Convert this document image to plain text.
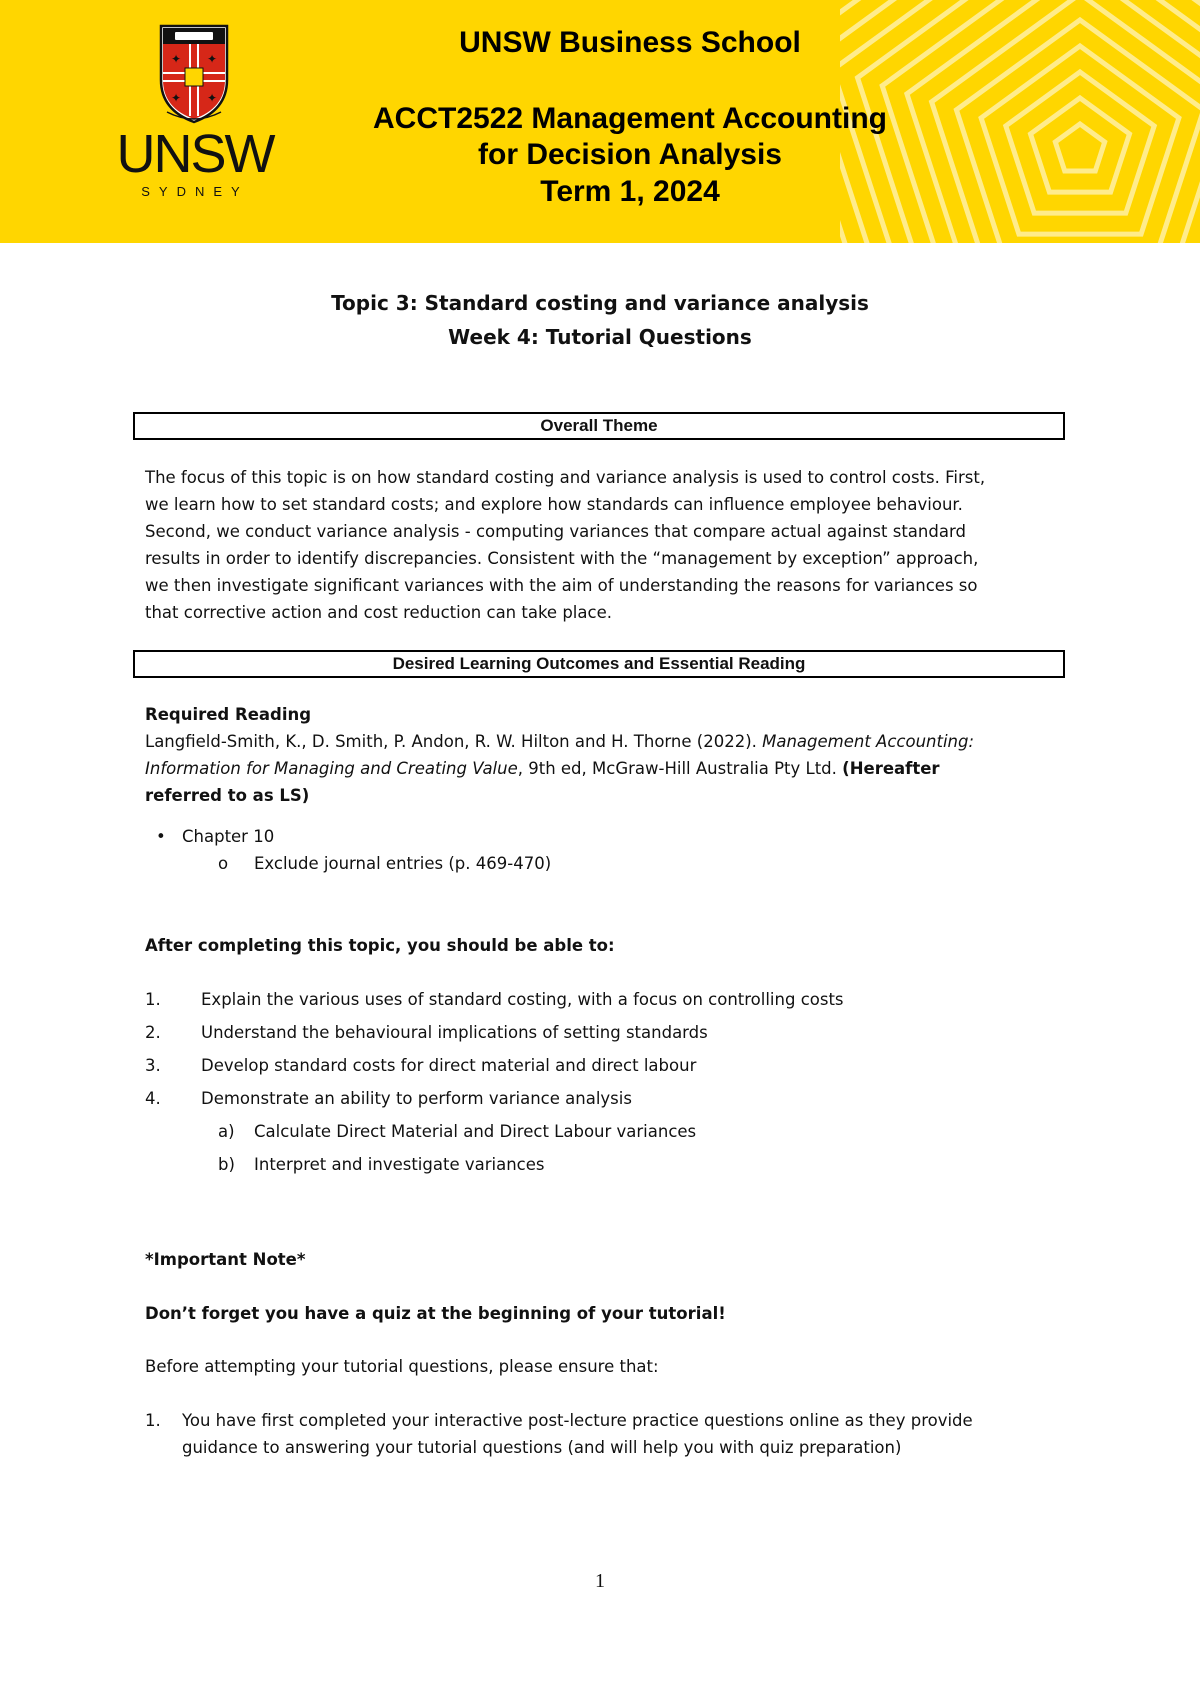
✦ ✦
✦ ✦
UNSW
SYDNEY
UNSW Business School
ACCT2522 Management Accounting
for Decision Analysis
Term 1, 2024
Topic 3: Standard costing and variance analysis
Week 4: Tutorial Questions
Overall Theme
The focus of this topic is on how standard costing and variance analysis is used to control costs. First,
we learn how to set standard costs; and explore how standards can influence employee behaviour.
Second, we conduct variance analysis - computing variances that compare actual against standard
results in order to identify discrepancies. Consistent with the “management by exception” approach,
we then investigate significant variances with the aim of understanding the reasons for variances so
that corrective action and cost reduction can take place.
Desired Learning Outcomes and Essential Reading
Required Reading
Langfield-Smith, K., D. Smith, P. Andon, R. W. Hilton and H. Thorne (2022). Management Accounting:
Information for Managing and Creating Value, 9th ed, McGraw-Hill Australia Pty Ltd. (Hereafter
referred to as LS)
• Chapter 10
o Exclude journal entries (p. 469-470)
After completing this topic, you should be able to:
1.	Explain the various uses of standard costing, with a focus on controlling costs
2.	Understand the behavioural implications of setting standards
3.	Develop standard costs for direct material and direct labour
4.	Demonstrate an ability to perform variance analysis
a) Calculate Direct Material and Direct Labour variances
b) Interpret and investigate variances
*Important Note*
Don’t forget you have a quiz at the beginning of your tutorial!
Before attempting your tutorial questions, please ensure that:
1. You have first completed your interactive post-lecture practice questions online as they provide
guidance to answering your tutorial questions (and will help you with quiz preparation)
1
